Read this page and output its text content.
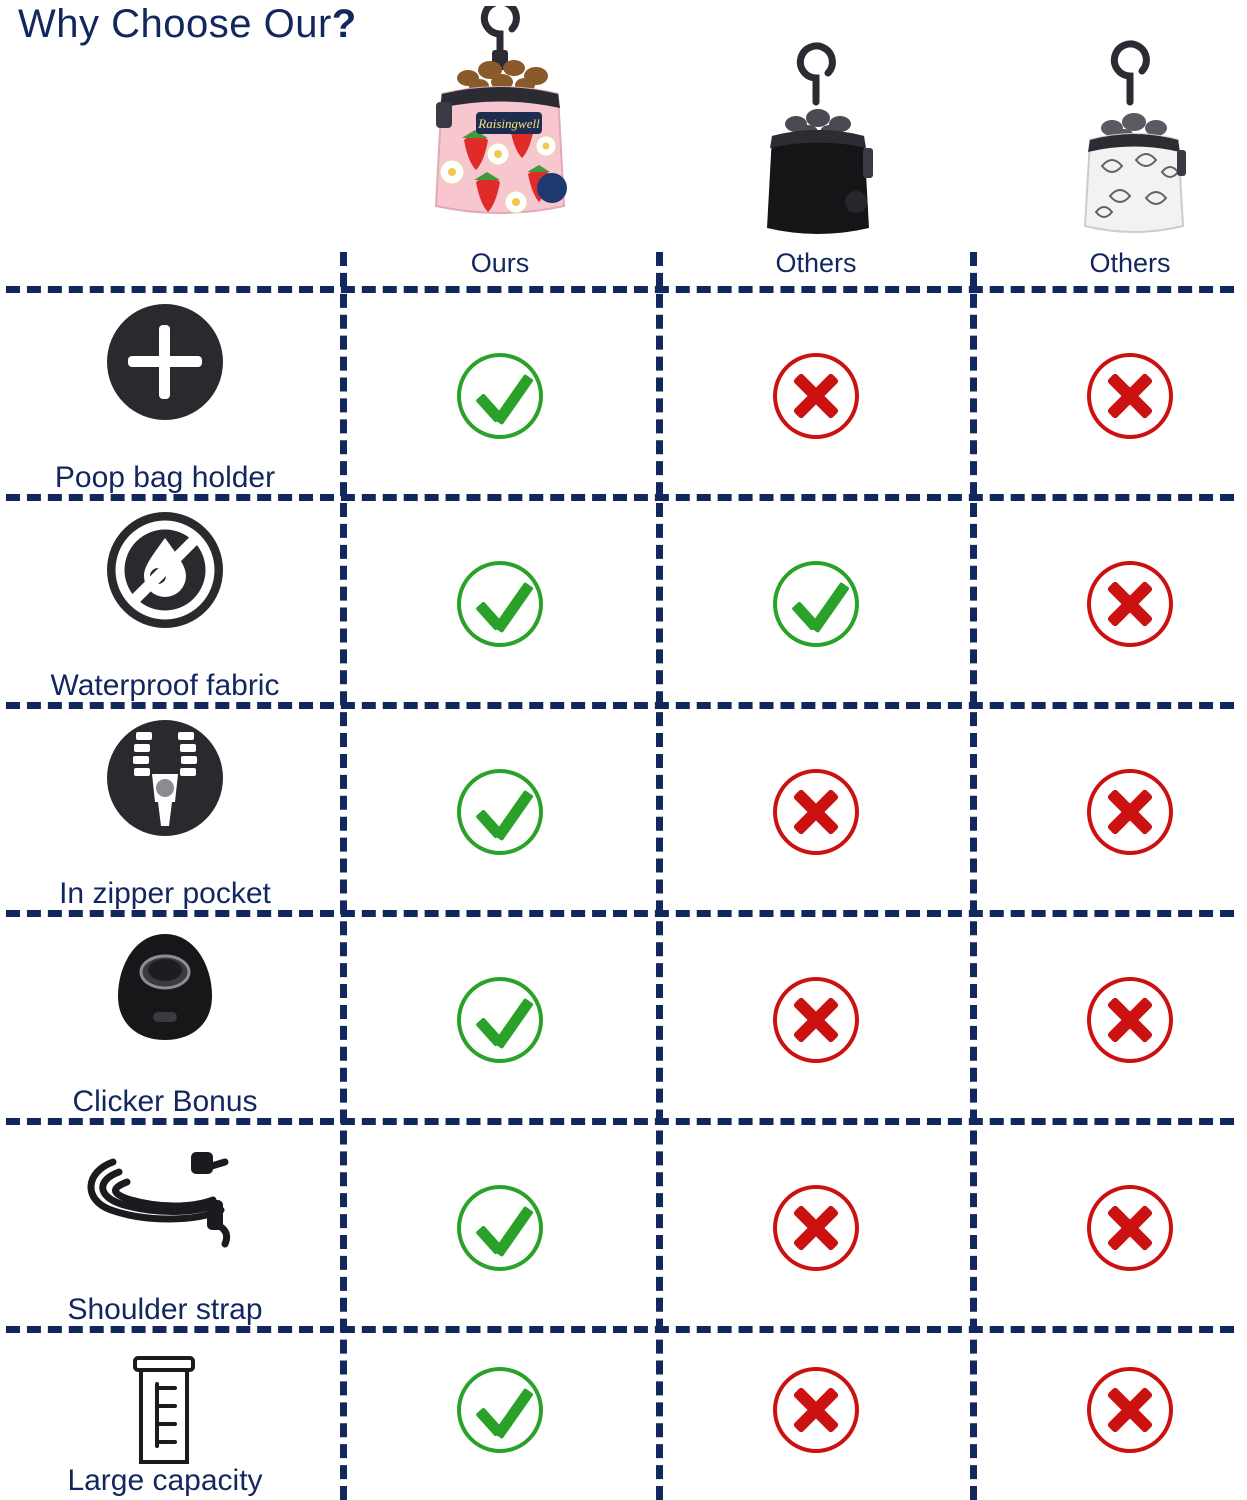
Why Choose Our?
Raisingwell
Ours	Others	Others
Poop bag holder
Waterproof fabric
In zipper pocket
Clicker Bonus
Shoulder strap
Large capacity
